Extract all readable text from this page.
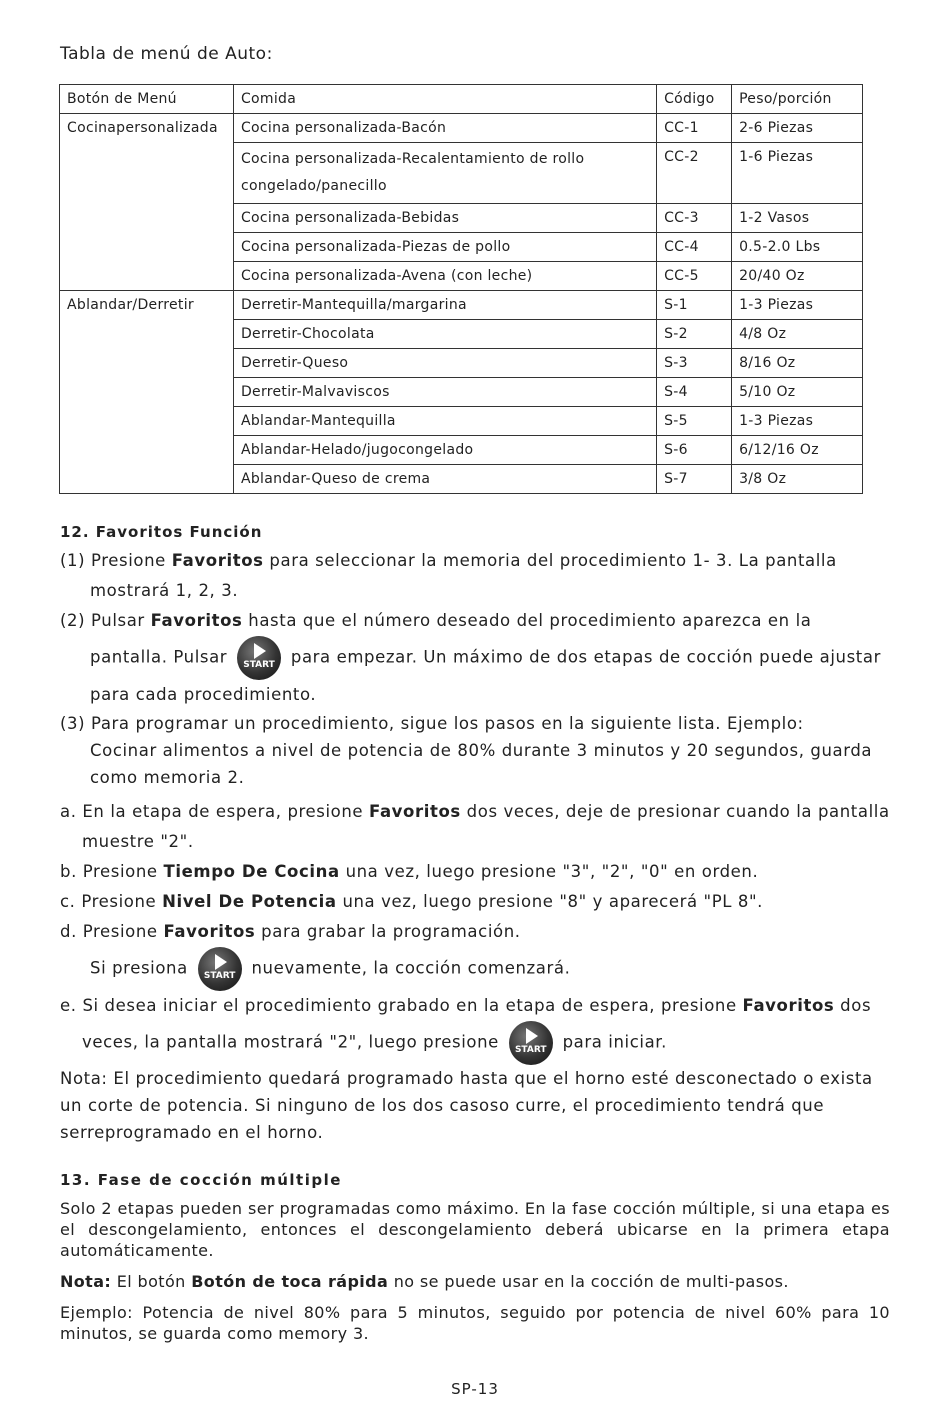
Tabla de menú de Auto:
Botón de Menú	Comida	Código	Peso/porción
Cocinapersonalizada	Cocina personalizada-Bacón	CC-1	2-6 Piezas
	Cocina personalizada-Recalentamiento de rollo congelado/panecillo	CC-2	1-6 Piezas
	Cocina personalizada-Bebidas	CC-3	1-2 Vasos
	Cocina personalizada-Piezas de pollo	CC-4	0.5-2.0 Lbs
	Cocina personalizada-Avena (con leche)	CC-5	20/40 Oz
Ablandar/Derretir	Derretir-Mantequilla/margarina	S-1	1-3 Piezas
	Derretir-Chocolata	S-2	4/8 Oz
	Derretir-Queso	S-3	8/16 Oz
	Derretir-Malvaviscos	S-4	5/10 Oz
	Ablandar-Mantequilla	S-5	1-3 Piezas
	Ablandar-Helado/jugocongelado	S-6	6/12/16 Oz
	Ablandar-Queso de crema	S-7	3/8 Oz
12. Favoritos Función

(1) Presione Favoritos para seleccionar la memoria del procedimiento 1- 3. La pantalla mostrará 1, 2, 3.

(2) Pulsar Favoritos hasta que el número deseado del procedimiento aparezca en la pantalla. Pulsar	START para empezar. Un máximo de dos etapas de cocción puede ajustar para cada procedimiento.

(3) Para programar un procedimiento, sigue los pasos en la siguiente lista. Ejemplo:
Cocinar alimentos a nivel de potencia de 80% durante 3 minutos y 20 segundos, guarda como memoria 2.

a. En la etapa de espera, presione Favoritos dos veces, deje de presionar cuando la pantalla muestre "2".

b. Presione Tiempo De Cocina una vez, luego presione "3", "2", "0" en orden.

c. Presione Nivel De Potencia una vez, luego presione "8" y aparecerá "PL 8".

d. Presione Favoritos para grabar la programación.

Si presiona	START nuevamente, la cocción comenzará.

e. Si desea iniciar el procedimiento grabado en la etapa de espera, presione Favoritos dos veces, la pantalla mostrará "2", luego presione	START para iniciar.

Nota: El procedimiento quedará programado hasta que el horno esté desconectado o exista un corte de potencia. Si ninguno de los dos casoso curre, el procedimiento tendrá que serreprogramado en el horno.

13. Fase de cocción múltiple

Solo 2 etapas pueden ser programadas como máximo. En la fase cocción múltiple, si una etapa es el descongelamiento, entonces el descongelamiento deberá ubicarse en la primera etapa automáticamente.

Nota: El botón Botón de toca rápida no se puede usar en la cocción de multi-pasos.

Ejemplo: Potencia de nivel 80% para 5 minutos, seguido por potencia de nivel 60% para 10 minutos, se guarda como memory 3.

SP-13
